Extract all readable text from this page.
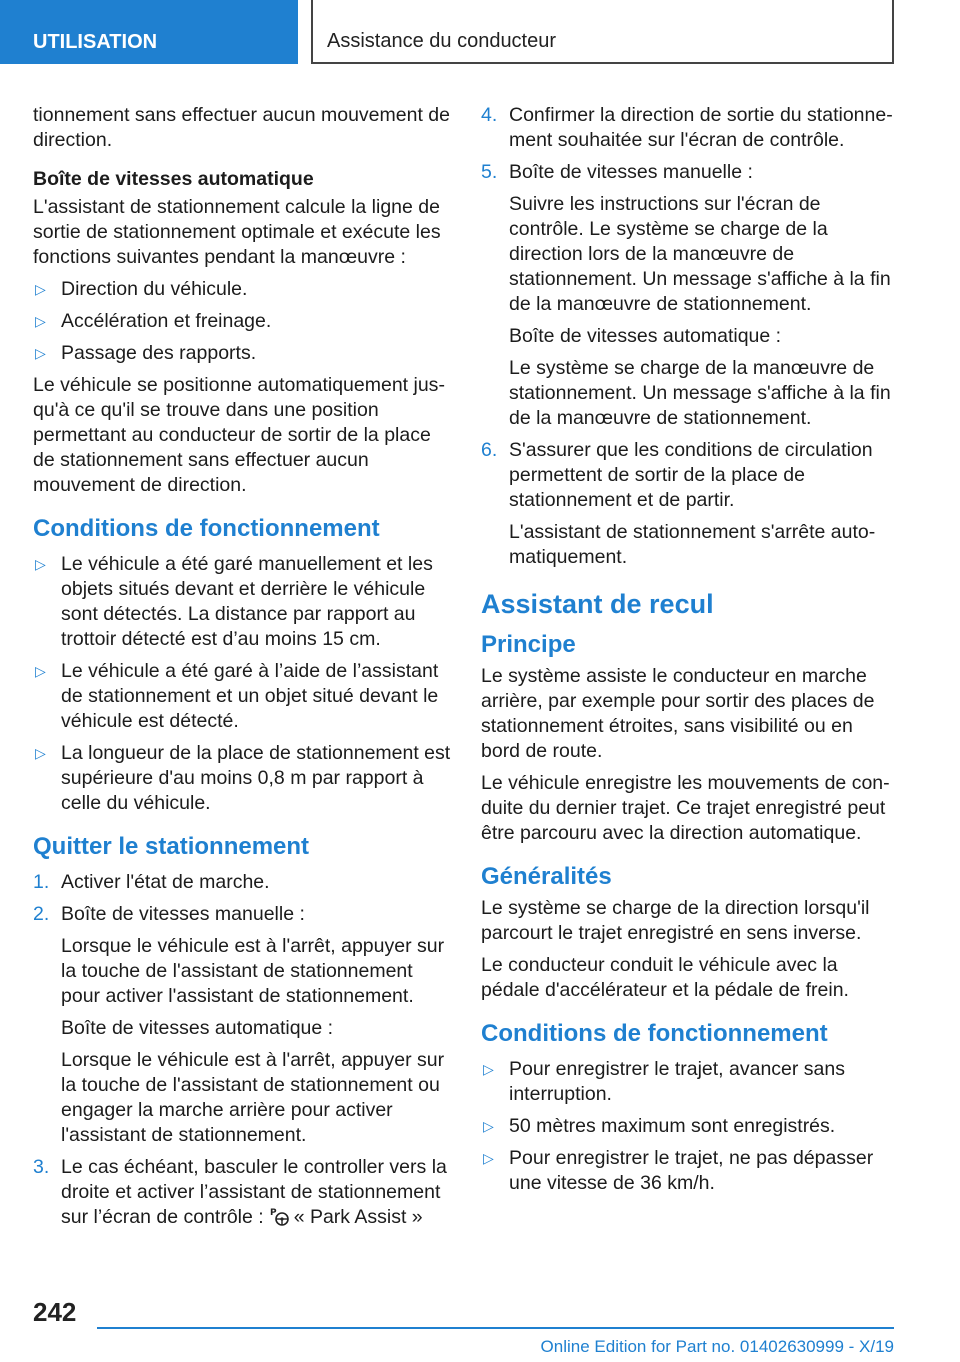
UTILISATION	Assistance du conducteur

tionnement sans effectuer aucun mouvement de direction.

Boîte de vitesses automatique

L'assistant de stationnement calcule la ligne de sortie de stationnement optimale et exécute les fonctions suivantes pendant la manœuvre :

▷ Direction du véhicule.
▷ Accélération et freinage.
▷ Passage des rapports.

Le véhicule se positionne automatiquement jusqu'à ce qu'il se trouve dans une position permettant au conducteur de sortir de la place de stationnement sans effectuer aucun mouvement de direction.

Conditions de fonctionnement
▷ Le véhicule a été garé manuellement et les objets situés devant et derrière le véhicule sont détectés. La distance par rapport au trottoir détecté est d’au moins 15 cm.
▷ Le véhicule a été garé à l’aide de l’assistant de stationnement et un objet situé devant le véhicule est détecté.
▷ La longueur de la place de stationnement est supérieure d'au moins 0,8 m par rapport à celle du véhicule.
Quitter le stationnement
1. Activer l'état de marche.
2. Boîte de vitesses manuelle :

Lorsque le véhicule est à l'arrêt, appuyer sur la touche de l'assistant de stationnement pour activer l'assistant de stationnement.

Boîte de vitesses automatique :

Lorsque le véhicule est à l'arrêt, appuyer sur la touche de l'assistant de stationnement ou engager la marche arrière pour activer l'assistant de stationnement.

3. Le cas échéant, basculer le controller vers la droite et activer l’assistant de stationnement sur l’écran de contrôle : P « Park Assist »
4. Confirmer la direction de sortie du stationnement souhaitée sur l'écran de contrôle.
5. Boîte de vitesses manuelle :

Suivre les instructions sur l'écran de contrôle. Le système se charge de la direction lors de la manœuvre de stationnement. Un message s'affiche à la fin de la manœuvre de stationnement.

Boîte de vitesses automatique :

Le système se charge de la manœuvre de stationnement. Un message s'affiche à la fin de la manœuvre de stationnement.

6. S'assurer que les conditions de circulation permettent de sortir de la place de stationnement et de partir.

L'assistant de stationnement s'arrête automatiquement.

Assistant de recul
Principe

Le système assiste le conducteur en marche arrière, par exemple pour sortir des places de stationnement étroites, sans visibilité ou en bord de route.

Le véhicule enregistre les mouvements de conduite du dernier trajet. Ce trajet enregistré peut être parcouru avec la direction automatique.

Généralités

Le système se charge de la direction lorsqu'il parcourt le trajet enregistré en sens inverse.

Le conducteur conduit le véhicule avec la pédale d'accélérateur et la pédale de frein.

Conditions de fonctionnement
▷ Pour enregistrer le trajet, avancer sans interruption.
▷ 50 mètres maximum sont enregistrés.
▷ Pour enregistrer le trajet, ne pas dépasser une vitesse de 36 km/h.
242
Online Edition for Part no. 01402630999 - X/19
